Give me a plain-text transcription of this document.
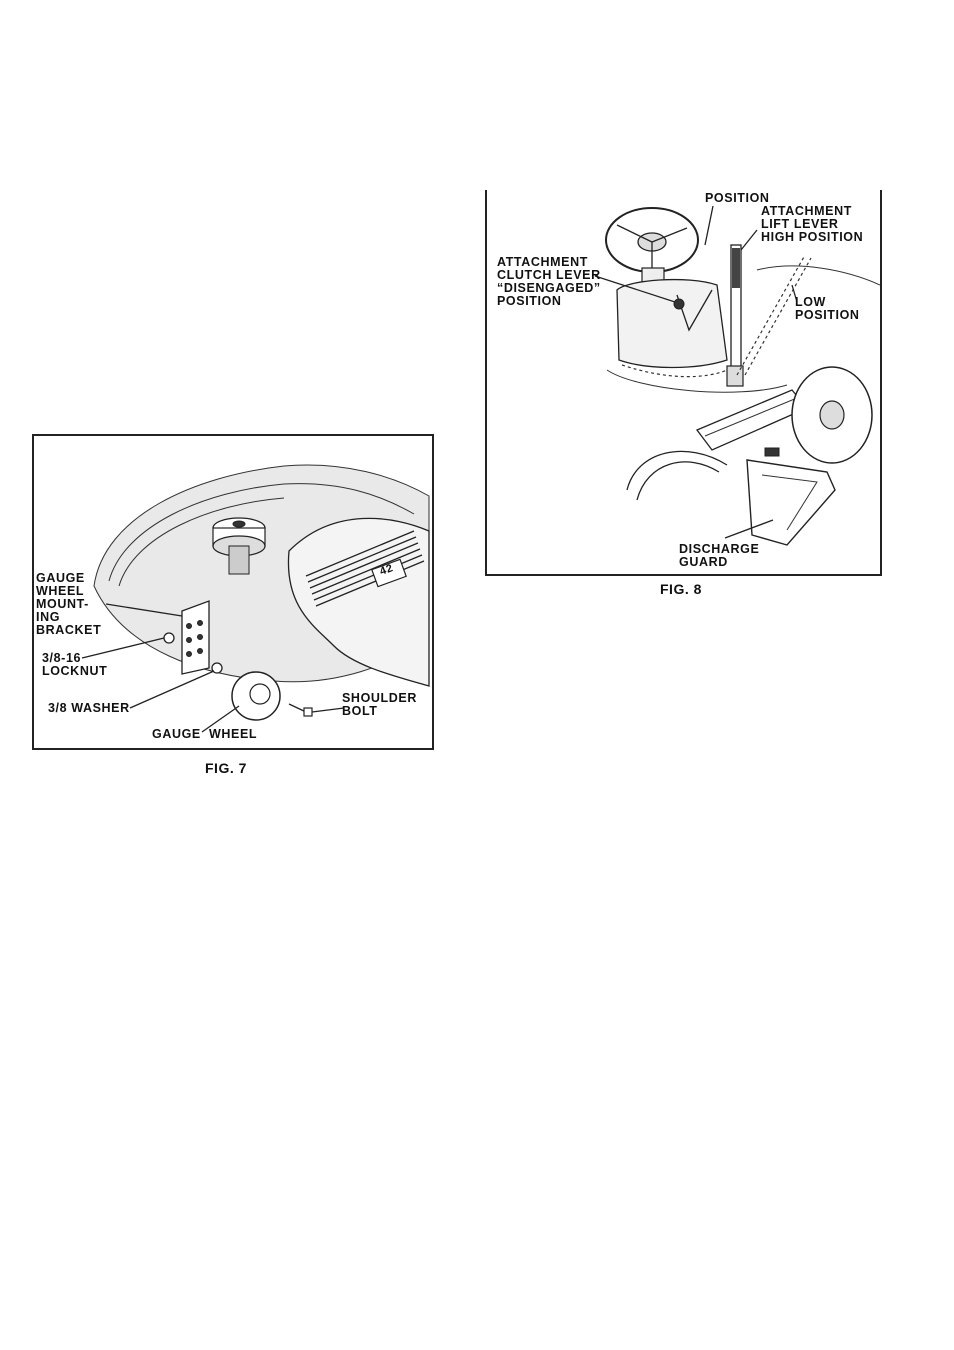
GAUGE
WHEEL
MOUNT-
ING
BRACKET
3/8-16
LOCKNUT
3/8 WASHER
GAUGE  WHEEL
SHOULDER
BOLT
42
FIG. 7
POSITION
ATTACHMENT
LIFT LEVER
HIGH POSITION
ATTACHMENT
CLUTCH LEVER
“DISENGAGED”
POSITION	LOW
POSITION
DISCHARGE
GUARD
FIG. 8
